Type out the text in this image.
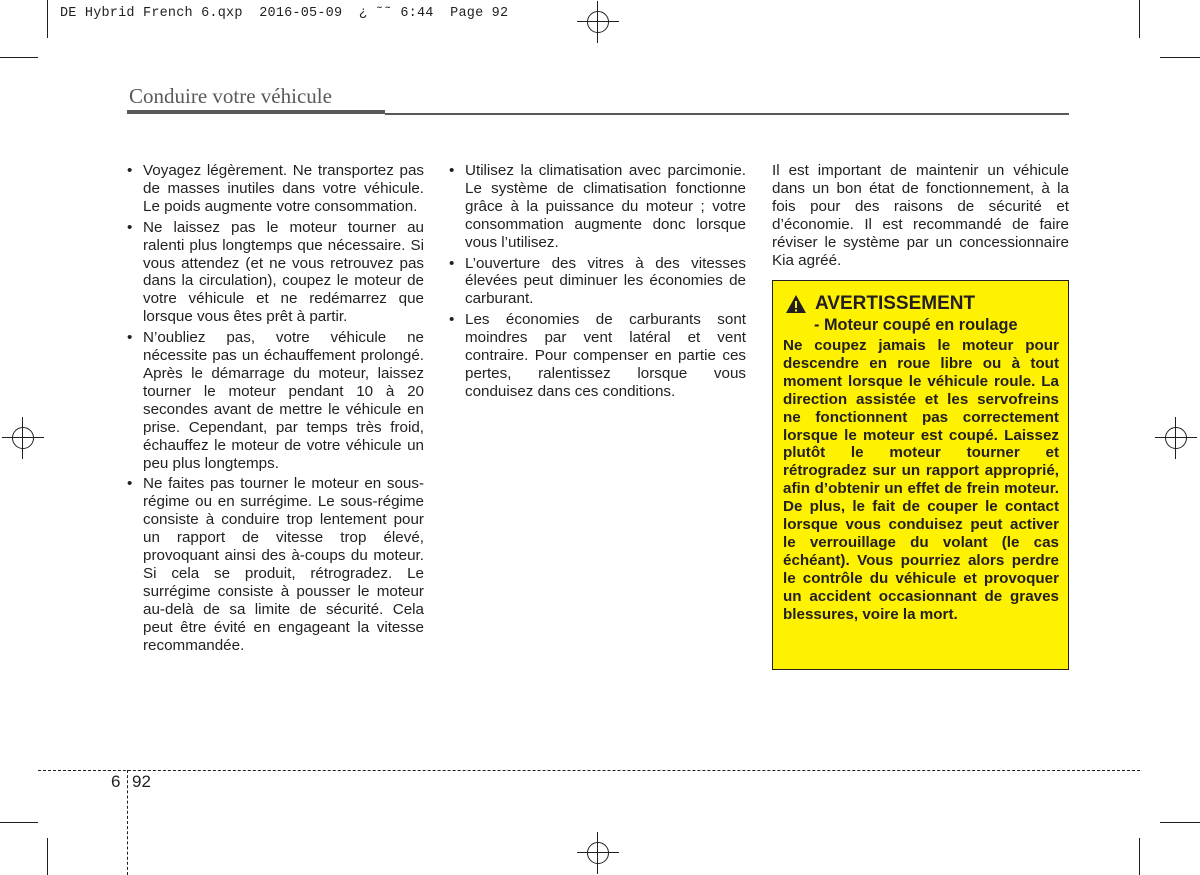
DE Hybrid French 6.qxp  2016-05-09  ¿ ˜˜ 6:44  Page 92
Conduire votre véhicule
• Voyagez légèrement. Ne transportez pas de masses inutiles dans votre véhicule. Le poids augmente votre consommation.
• Ne laissez pas le moteur tourner au ralenti plus longtemps que nécessaire. Si vous attendez (et ne vous retrouvez pas dans la circulation), coupez le moteur de votre véhicule et ne redémarrez que lorsque vous êtes prêt à partir.
• N’oubliez pas, votre véhicule ne nécessite pas un échauffement prolongé. Après le démarrage du moteur, laissez tourner le moteur pendant 10 à 20 secondes avant de mettre le véhicule en prise. Cependant, par temps très froid, échauffez le moteur de votre véhicule un peu plus longtemps.
• Ne faites pas tourner le moteur en sous-régime ou en surrégime. Le sous-régime consiste à conduire trop lentement pour un rapport de vitesse trop élevé, provoquant ainsi des à-coups du moteur. Si cela se produit, rétrogradez. Le surrégime consiste à pousser le moteur au-delà de sa limite de sécurité. Cela peut être évité en engageant la vitesse recommandée.
• Utilisez la climatisation avec parcimonie. Le système de climatisation fonctionne grâce à la puissance du moteur ; votre consommation augmente donc lorsque vous l’utilisez.
• L’ouverture des vitres à des vitesses élevées peut diminuer les économies de carburant.
• Les économies de carburants sont moindres par vent latéral et vent contraire. Pour compenser en partie ces pertes, ralentissez lorsque vous conduisez dans ces conditions.

Il est important de maintenir un véhicule dans un bon état de fonctionnement, à la fois pour des raisons de sécurité et d’économie. Il est recommandé de faire réviser le système par un concessionnaire Kia agréé.

AVERTISSEMENT
- Moteur coupé en roulage
Ne coupez jamais le moteur pour descendre en roue libre ou à tout moment lorsque le véhicule roule. La direction assistée et les servofreins ne fonctionnent pas correctement lorsque le moteur est coupé. Laissez plutôt le moteur tourner et rétrogradez sur un rapport approprié, afin d’obtenir un effet de frein moteur. De plus, le fait de couper le contact lorsque vous conduisez peut activer le verrouillage du volant (le cas échéant). Vous pourriez alors perdre le contrôle du véhicule et provoquer un accident occasionnant de graves blessures, voire la mort.
6 92
